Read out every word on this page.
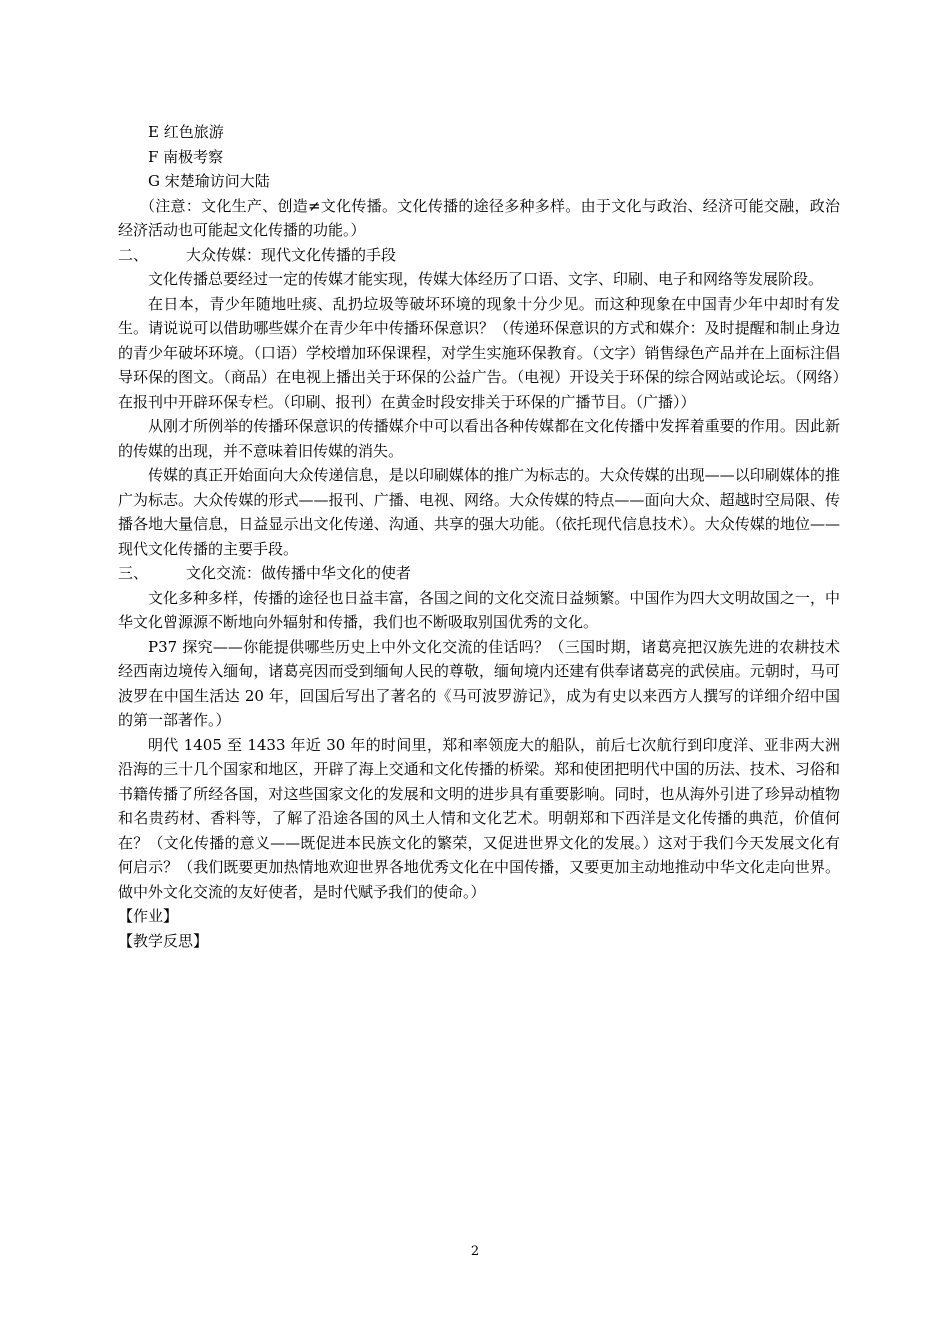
E 红色旅游

F 南极考察

G 宋楚瑜访问大陆

（注意：文化生产、创造≠文化传播。文化传播的途径多种多样。由于文化与政治、经济可能交融，政治经济活动也可能起文化传播的功能。）

二、	大众传媒：现代文化传播的手段

文化传播总要经过一定的传媒才能实现，传媒大体经历了口语、文字、印刷、电子和网络等发展阶段。

在日本，青少年随地吐痰、乱扔垃圾等破坏环境的现象十分少见。而这种现象在中国青少年中却时有发生。请说说可以借助哪些媒介在青少年中传播环保意识？（传递环保意识的方式和媒介：及时提醒和制止身边的青少年破坏环境。（口语）学校增加环保课程，对学生实施环保教育。（文字）销售绿色产品并在上面标注倡导环保的图文。（商品）在电视上播出关于环保的公益广告。（电视）开设关于环保的综合网站或论坛。（网络）在报刊中开辟环保专栏。（印刷、报刊）在黄金时段安排关于环保的广播节目。（广播））

从刚才所例举的传播环保意识的传播媒介中可以看出各种传媒都在文化传播中发挥着重要的作用。因此新的传媒的出现，并不意味着旧传媒的消失。

传媒的真正开始面向大众传递信息，是以印刷媒体的推广为标志的。大众传媒的出现——以印刷媒体的推广为标志。大众传媒的形式——报刊、广播、电视、网络。大众传媒的特点——面向大众、超越时空局限、传播各地大量信息，日益显示出文化传递、沟通、共享的强大功能。（依托现代信息技术）。大众传媒的地位——现代文化传播的主要手段。

三、	文化交流：做传播中华文化的使者

文化多种多样，传播的途径也日益丰富，各国之间的文化交流日益频繁。中国作为四大文明故国之一，中华文化曾源源不断地向外辐射和传播，我们也不断吸取别国优秀的文化。

P37 探究——你能提供哪些历史上中外文化交流的佳话吗？（三国时期，诸葛亮把汉族先进的农耕技术经西南边境传入缅甸，诸葛亮因而受到缅甸人民的尊敬，缅甸境内还建有供奉诸葛亮的武侯庙。元朝时，马可波罗在中国生活达 20 年，回国后写出了著名的《马可波罗游记》，成为有史以来西方人撰写的详细介绍中国的第一部著作。）

明代 1405 至 1433 年近 30 年的时间里，郑和率领庞大的船队，前后七次航行到印度洋、亚非两大洲沿海的三十几个国家和地区，开辟了海上交通和文化传播的桥梁。郑和使团把明代中国的历法、技术、习俗和书籍传播了所经各国，对这些国家文化的发展和文明的进步具有重要影响。同时，也从海外引进了珍异动植物和名贵药材、香料等，了解了沿途各国的风土人情和文化艺术。明朝郑和下西洋是文化传播的典范，价值何在？（文化传播的意义——既促进本民族文化的繁荣，又促进世界文化的发展。）这对于我们今天发展文化有何启示？（我们既要更加热情地欢迎世界各地优秀文化在中国传播，又要更加主动地推动中华文化走向世界。做中外文化交流的友好使者，是时代赋予我们的使命。）

【作业】

【教学反思】

2
